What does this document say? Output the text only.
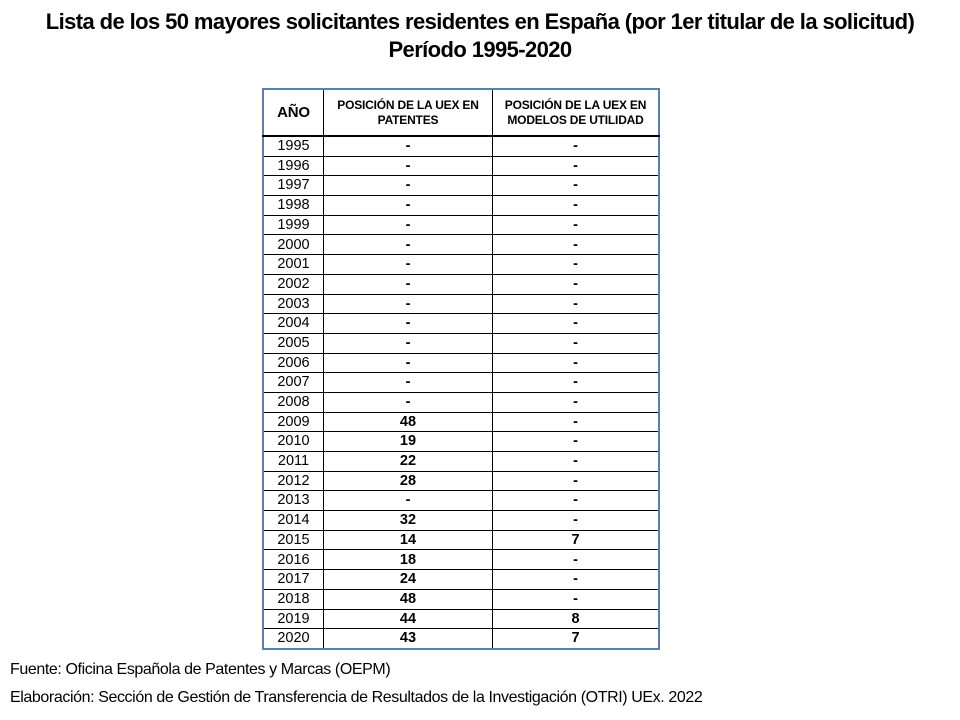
Lista de los 50 mayores solicitantes residentes en España (por 1er titular de la solicitud) Período 1995-2020
AÑO	POSICIÓN DE LA UEX EN PATENTES	POSICIÓN DE LA UEX EN MODELOS DE UTILIDAD
1995	-	-
1996	-	-
1997	-	-
1998	-	-
1999	-	-
2000	-	-
2001	-	-
2002	-	-
2003	-	-
2004	-	-
2005	-	-
2006	-	-
2007	-	-
2008	-	-
2009	48	-
2010	19	-
2011	22	-
2012	28	-
2013	-	-
2014	32	-
2015	14	7
2016	18	-
2017	24	-
2018	48	-
2019	44	8
2020	43	7
Fuente: Oficina Española de Patentes y Marcas (OEPM)
Elaboración: Sección de Gestión de Transferencia de Resultados de la Investigación (OTRI) UEx. 2022
